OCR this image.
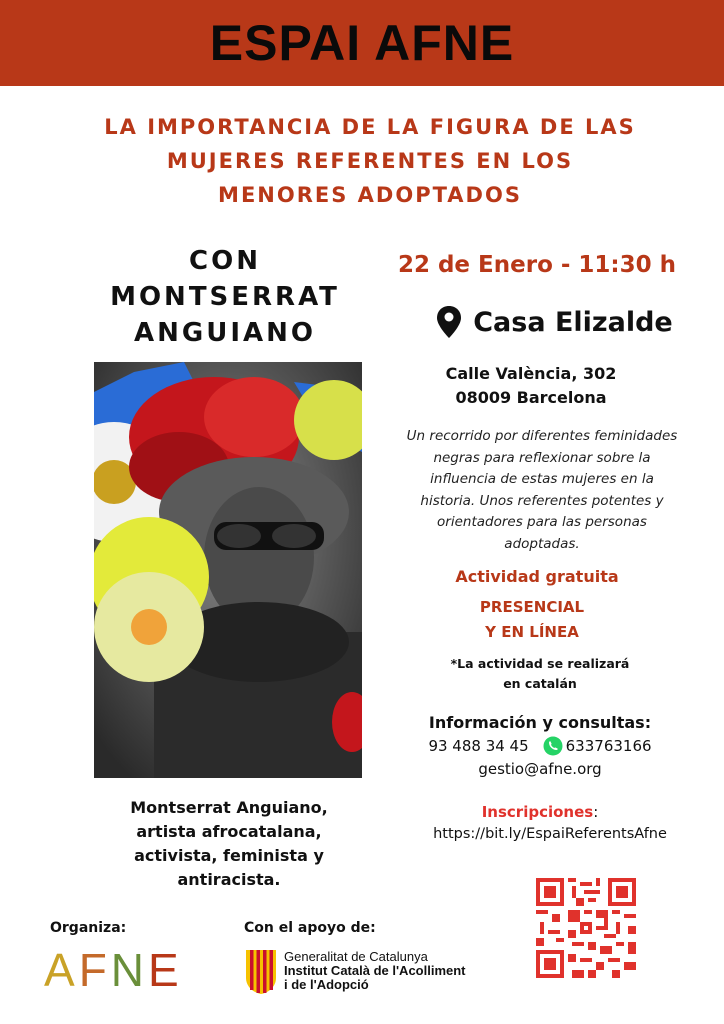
ESPAI AFNE
LA IMPORTANCIA DE LA FIGURA DE LAS
MUJERES REFERENTES EN LOS
MENORES ADOPTADOS
CON
MONTSERRAT
ANGUIANO
Montserrat Anguiano,
artista afrocatalana,
activista, feminista y
antiracista.
22 de Enero - 11:30 h
Casa Elizalde
Calle València, 302
08009 Barcelona
Un recorrido por diferentes feminidades
negras para reflexionar sobre la
influencia de estas mujeres en la
historia. Unos referentes potentes y
orientadores para las personas
adoptadas.
Actividad gratuita
PRESENCIAL
Y EN LÍNEA
*La actividad se realizará
en catalán
Información y consultas:
93 488 34 45 633763166
gestio@afne.org
Inscripciones:
https://bit.ly/EspaiReferentsAfne
Organiza:
AFNE
Con el apoyo de:
Generalitat de Catalunya
Institut Català de l'Acolliment
i de l'Adopció
